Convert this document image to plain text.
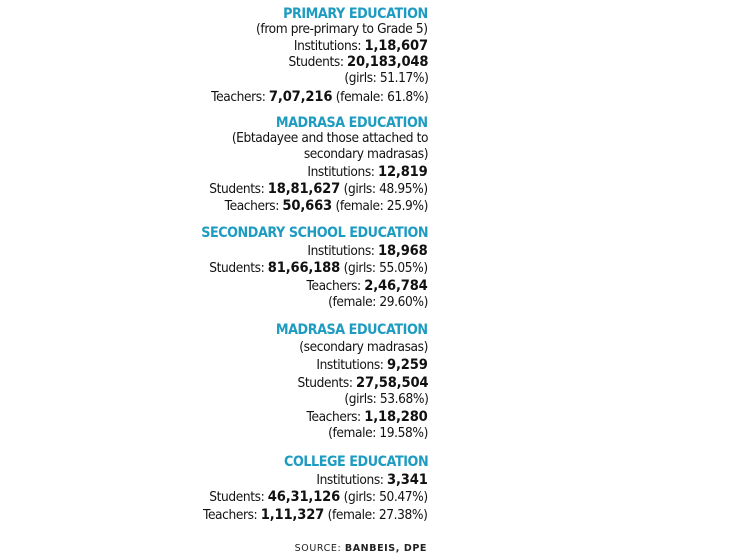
PRIMARY EDUCATION
(from pre-primary to Grade 5)
Institutions: 1,18,607
Students: 20,183,048
(girls: 51.17%)
Teachers: 7,07,216 (female: 61.8%)
MADRASA EDUCATION
(Ebtadayee and those attached to
secondary madrasas)
Institutions: 12,819
Students: 18,81,627 (girls: 48.95%)
Teachers: 50,663 (female: 25.9%)
SECONDARY SCHOOL EDUCATION
Institutions: 18,968
Students: 81,66,188 (girls: 55.05%)
Teachers: 2,46,784
(female: 29.60%)
MADRASA EDUCATION
(secondary madrasas)
Institutions: 9,259
Students: 27,58,504
(girls: 53.68%)
Teachers: 1,18,280
(female: 19.58%)
COLLEGE EDUCATION
Institutions: 3,341
Students: 46,31,126 (girls: 50.47%)
Teachers: 1,11,327 (female: 27.38%)
SOURCE: BANBEIS, DPE
